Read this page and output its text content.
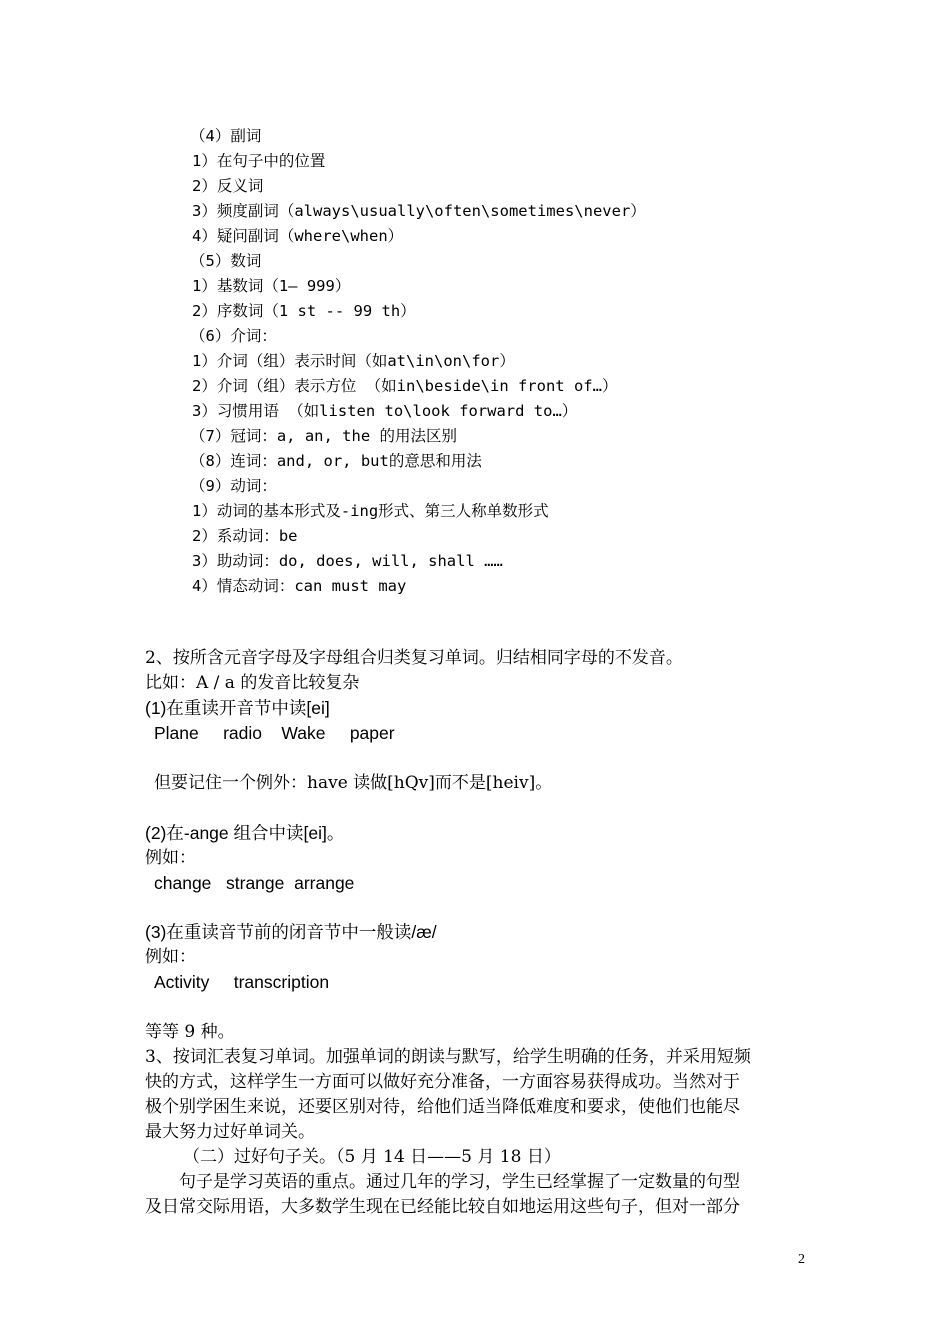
（4）副词
1）在句子中的位置
2）反义词
3）频度副词（always\usually\often\sometimes\never）
4）疑问副词（where\when）
（5）数词
1）基数词（1— 999）
2）序数词（1 st -- 99 th）
（6）介词：
1）介词（组）表示时间（如at\in\on\for）
2）介词（组）表示方位 （如in\beside\in front of…）
3）习惯用语 （如listen to\look forward to…）
（7）冠词：a, an, the 的用法区别
（8）连词：and, or, but的意思和用法
（9）动词：
1）动词的基本形式及-ing形式、第三人称单数形式
2）系动词：be
3）助动词：do, does, will, shall ……
4）情态动词：can must may
2、按所含元音字母及字母组合归类复习单词。归结相同字母的不发音。
比如：A / a 的发音比较复杂
(1)在重读开音节中读[ei]
Plane     radio    Wake     paper
但要记住一个例外：have 读做[hQv]而不是[heiv]。
(2)在-ange 组合中读[ei]。
例如：
change   strange  arrange
(3)在重读音节前的闭音节中一般读/æ/
例如：
Activity     transcription
等等 9 种。
3、按词汇表复习单词。加强单词的朗读与默写，给学生明确的任务，并采用短频
快的方式，这样学生一方面可以做好充分准备，一方面容易获得成功。当然对于
极个别学困生来说，还要区别对待，给他们适当降低难度和要求，使他们也能尽
最大努力过好单词关。
（二）过好句子关。（5 月 14 日——5 月 18 日）
句子是学习英语的重点。通过几年的学习，学生已经掌握了一定数量的句型
及日常交际用语，大多数学生现在已经能比较自如地运用这些句子，但对一部分
2
